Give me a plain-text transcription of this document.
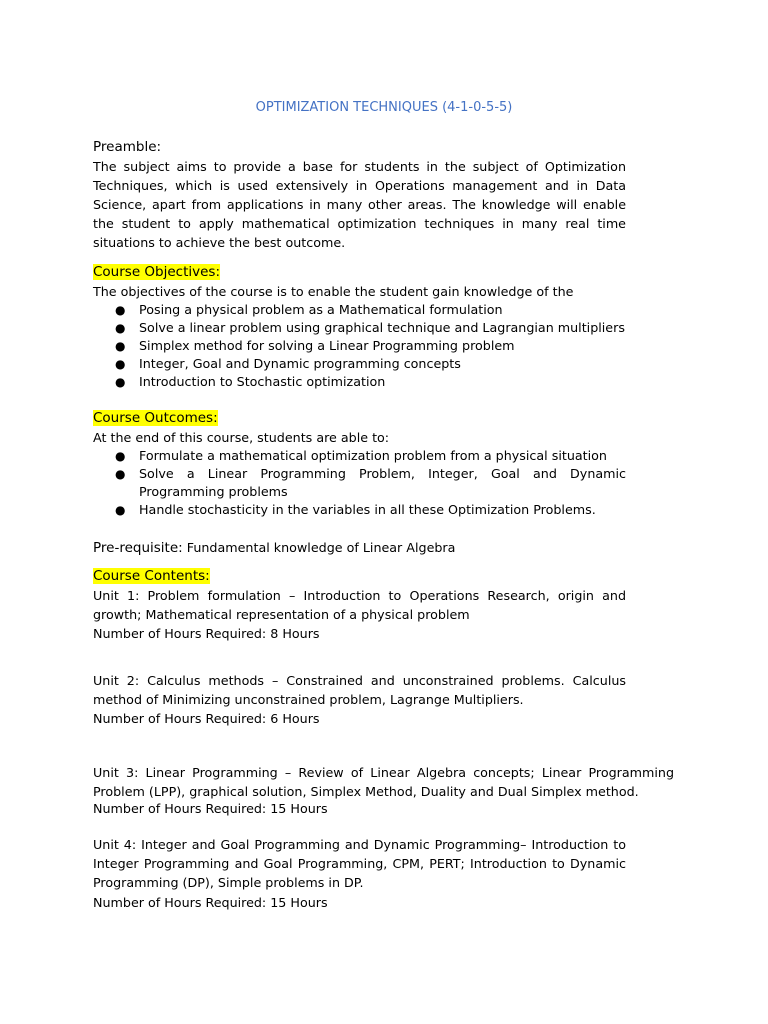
OPTIMIZATION TECHNIQUES (4-1-0-5-5)
Preamble:
The subject aims to provide a base for students in the subject of Optimization Techniques, which is used extensively in Operations management and in Data Science, apart from applications in many other areas. The knowledge will enable the student to apply mathematical optimization techniques in many real time situations to achieve the best outcome.
Course Objectives:
The objectives of the course is to enable the student gain knowledge of the
● Posing a physical problem as a Mathematical formulation
● Solve a linear problem using graphical technique and Lagrangian multipliers
● Simplex method for solving a Linear Programming problem
● Integer, Goal and Dynamic programming concepts
● Introduction to Stochastic optimization
Course Outcomes:
At the end of this course, students are able to:
● Formulate a mathematical optimization problem from a physical situation
● Solve a Linear Programming Problem, Integer, Goal and Dynamic Programming problems
● Handle stochasticity in the variables in all these Optimization Problems.
Pre-requisite: Fundamental knowledge of Linear Algebra
Course Contents:
Unit 1: Problem formulation – Introduction to Operations Research, origin and growth; Mathematical representation of a physical problem
Number of Hours Required: 8 Hours
Unit 2: Calculus methods – Constrained and unconstrained problems. Calculus method of Minimizing unconstrained problem, Lagrange Multipliers.
Number of Hours Required: 6 Hours
Unit 3: Linear Programming – Review of Linear Algebra concepts; Linear Programming Problem (LPP), graphical solution, Simplex Method, Duality and Dual Simplex method.
Number of Hours Required: 15 Hours
Unit 4: Integer and Goal Programming and Dynamic Programming– Introduction to Integer Programming and Goal Programming, CPM, PERT; Introduction to Dynamic Programming (DP), Simple problems in DP.
Number of Hours Required: 15 Hours
